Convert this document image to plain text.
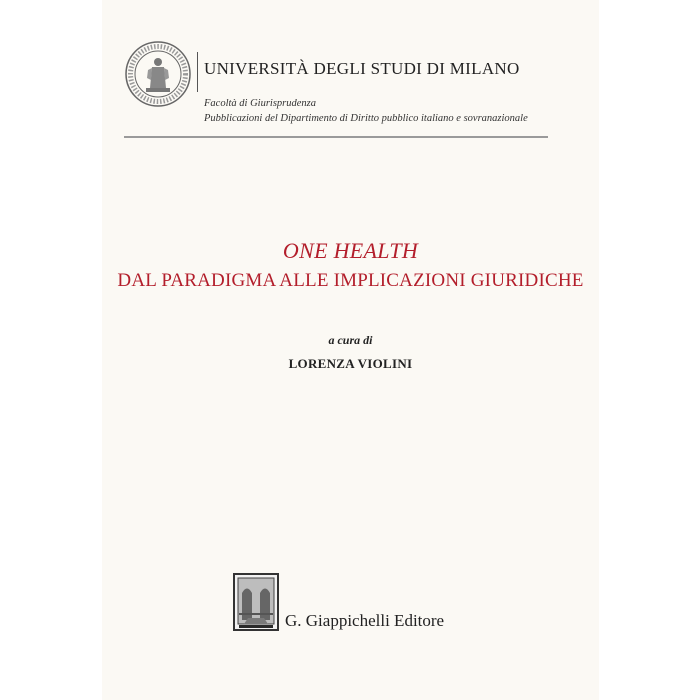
UNIVERSITÀ DEGLI STUDI DI MILANO
Facoltà di Giurisprudenza
Pubblicazioni del Dipartimento di Diritto pubblico italiano e sovranazionale
ONE HEALTH
DAL PARADIGMA ALLE IMPLICAZIONI GIURIDICHE
a cura di
LORENZA VIOLINI
G. Giappichelli Editore
